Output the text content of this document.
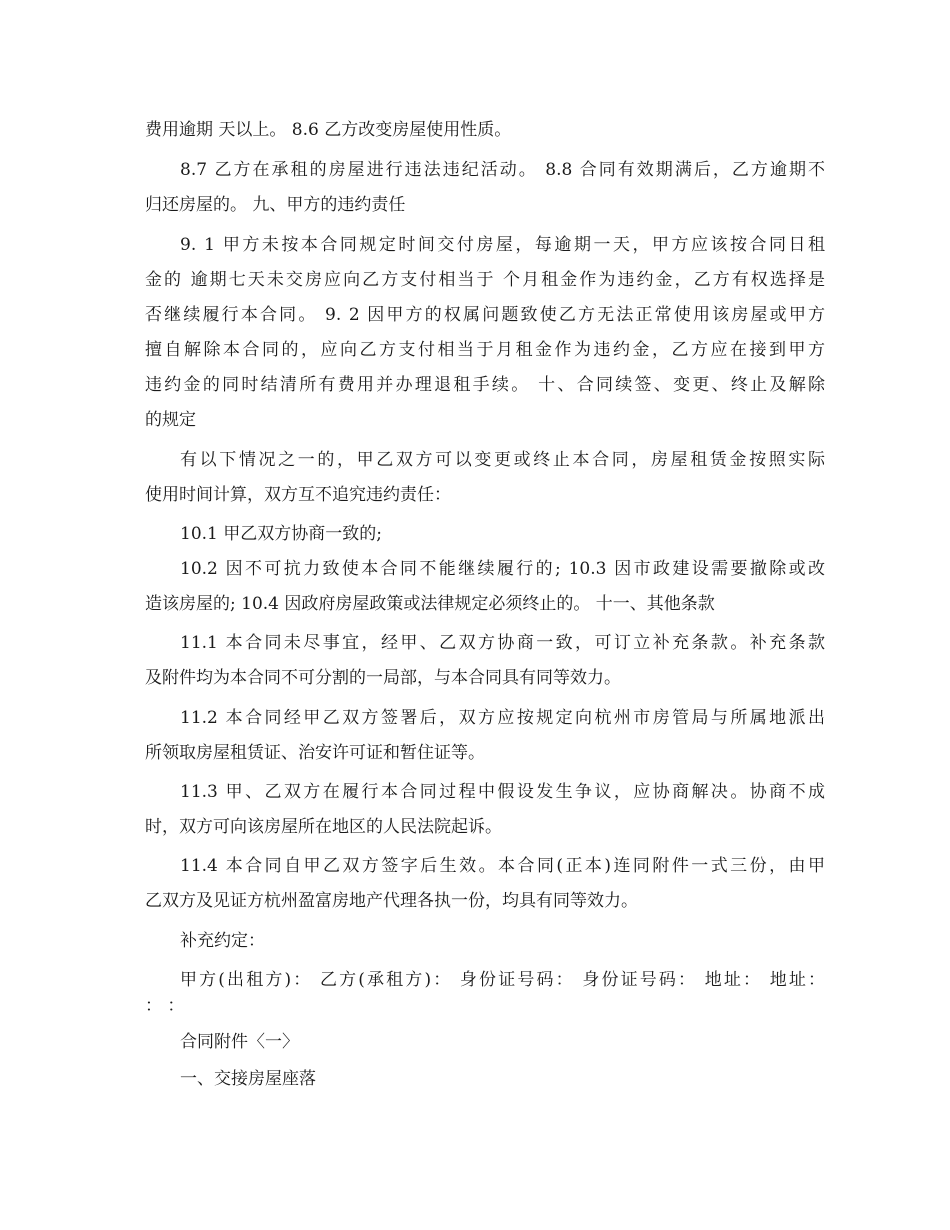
费用逾期 天以上。 8.6 乙方改变房屋使用性质。
8.7 乙方在承租的房屋进行违法违纪活动。 8.8 合同有效期满后，乙方逾期不
归还房屋的。 九、甲方的违约责任
9. 1 甲方未按本合同规定时间交付房屋，每逾期一天，甲方应该按合同日租
金的 逾期七天未交房应向乙方支付相当于 个月租金作为违约金，乙方有权选择是
否继续履行本合同。 9. 2 因甲方的权属问题致使乙方无法正常使用该房屋或甲方
擅自解除本合同的，应向乙方支付相当于月租金作为违约金，乙方应在接到甲方
违约金的同时结清所有费用并办理退租手续。 十、合同续签、变更、终止及解除
的规定
有以下情况之一的，甲乙双方可以变更或终止本合同，房屋租赁金按照实际
使用时间计算，双方互不追究违约责任：
10.1 甲乙双方协商一致的;
10.2 因不可抗力致使本合同不能继续履行的; 10.3 因市政建设需要撤除或改
造该房屋的; 10.4 因政府房屋政策或法律规定必须终止的。 十一、其他条款
11.1 本合同未尽事宜，经甲、乙双方协商一致，可订立补充条款。补充条款
及附件均为本合同不可分割的一局部，与本合同具有同等效力。
11.2 本合同经甲乙双方签署后，双方应按规定向杭州市房管局与所属地派出
所领取房屋租赁证、治安许可证和暂住证等。
11.3 甲、乙双方在履行本合同过程中假设发生争议，应协商解决。协商不成
时，双方可向该房屋所在地区的人民法院起诉。
11.4 本合同自甲乙双方签字后生效。本合同(正本)连同附件一式三份，由甲
乙双方及见证方杭州盈富房地产代理各执一份，均具有同等效力。
补充约定：
甲方(出租方)： 乙方(承租方)： 身份证号码： 身份证号码： 地址： 地址：
： ：
合同附件〈一〉
一、交接房屋座落
